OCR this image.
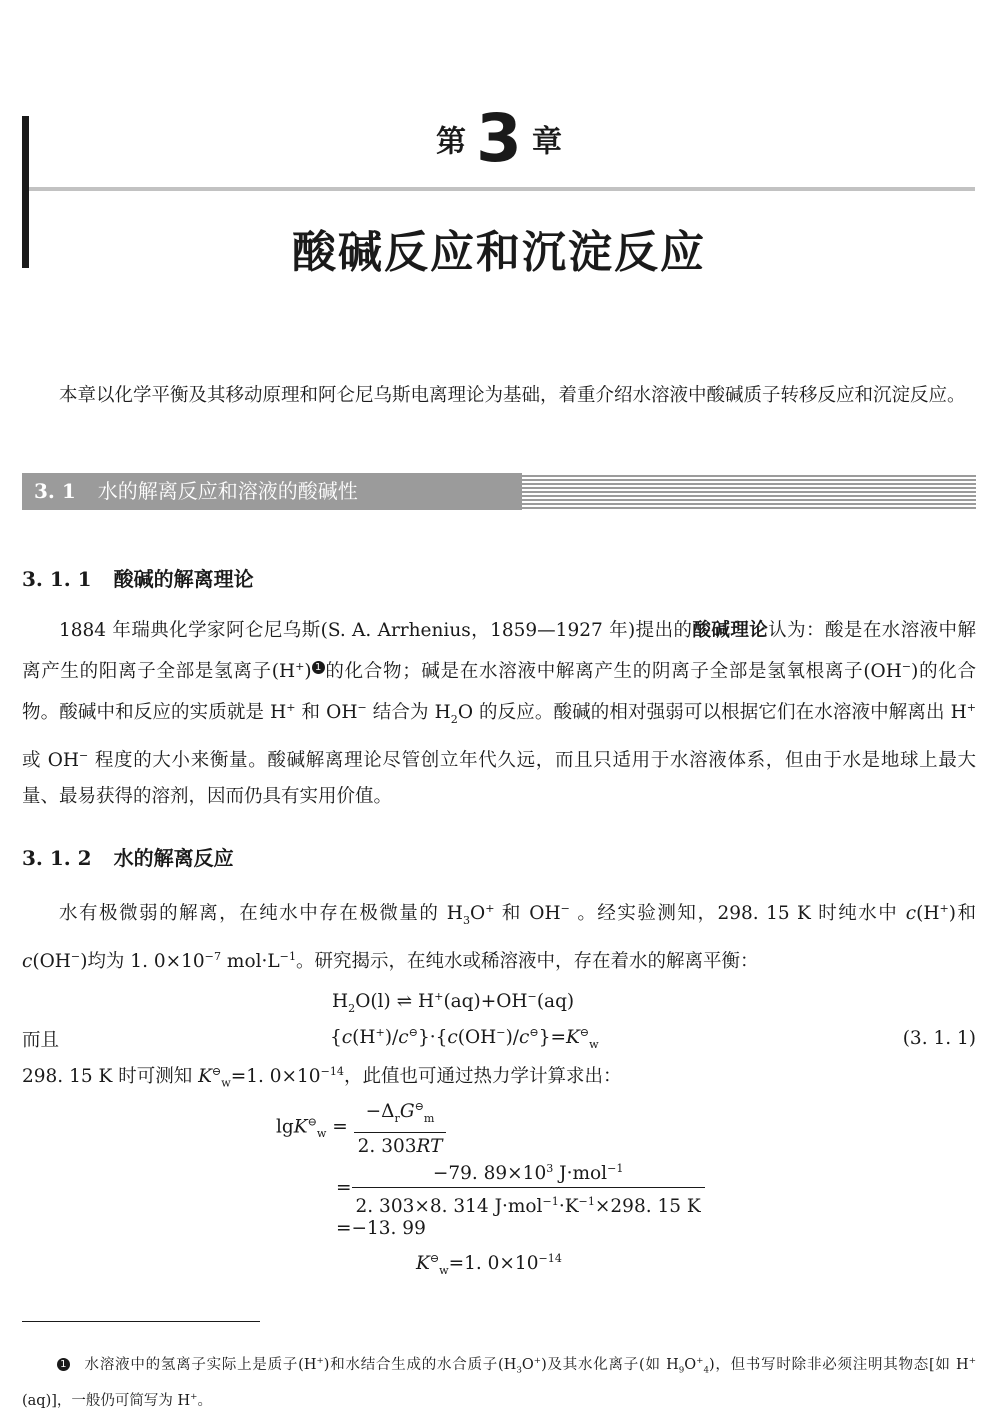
第 3 章
酸碱反应和沉淀反应

本章以化学平衡及其移动原理和阿仑尼乌斯电离理论为基础，着重介绍水溶液中酸碱质子转移反应和沉淀反应。

3. 1 水的解离反应和溶液的酸碱性
3. 1. 1 酸碱的解离理论

1884 年瑞典化学家阿仑尼乌斯(S. A. Arrhenius，1859—1927 年)提出的酸碱理论认为：酸是在水溶液中解离产生的阳离子全部是氢离子(H+) 1 的化合物；碱是在水溶液中解离产生的阴离子全部是氢氧根离子(OH−)的化合物。酸碱中和反应的实质就是 H+ 和 OH− 结合为 $H_2O$ 的反应。酸碱的相对强弱可以根据它们在水溶液中解离出 H+ 或 OH− 程度的大小来衡量。酸碱解离理论尽管创立年代久远，而且只适用于水溶液体系，但由于水是地球上最大量、最易获得的溶剂，因而仍具有实用价值。

3. 1. 2 水的解离反应

水有极微弱的解离，在纯水中存在极微量的 $H_3O^+$ 和 OH− 。经实验测知，298. 15 K 时纯水中 c(H+)和 c(OH−)均为 1. $0\times 10^{-7}$ $mol\cdot L^{-1}$。研究揭示，在纯水或稀溶液中，存在着水的解离平衡：

$H_2O(l)$ ⇌ H+(aq)+OH−(aq)
而且	$\{c(H^+)/c^⊖\}\cdot\{c(OH^-)/c^⊖\}=K^⊖_w$	(3. 1. 1)
298. 15 K 时可测知 $K^⊖_w=1$. $0\times 10^{-14}$，此值也可通过热力学计算求出：
$\lg K^⊖_w = \frac{-\Delta_rG^⊖_m}{2. 303RT}$
= $\frac{-79. 89\times 10^3 J\cdot mol^{-1}}{2. 303\times 8. 314 J\cdot mol^{-1}\cdot K^{-1}\times 298. 15 K}$
=−13. 99
$K^⊖_w=1$. $0\times 10^{-14}$

1 水溶液中的氢离子实际上是质子(H+)和水结合生成的水合质子$(H_3O^+)$及其水化离子(如 $H_9O^+_4$)，但书写时除非必须注明其物态[如 H+(aq)]，一般仍可简写为 H+。
